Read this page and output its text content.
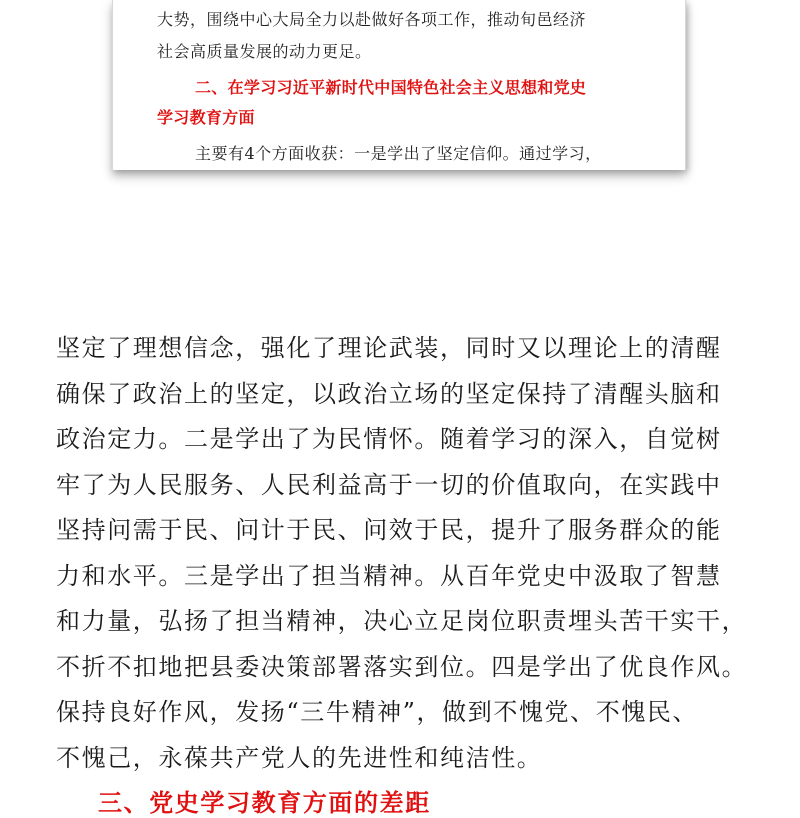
大势，围绕中心大局全力以赴做好各项工作，推动旬邑经济
社会高质量发展的动力更足。
二、在学习习近平新时代中国特色社会主义思想和党史
学习教育方面
主要有4个方面收获：一是学出了坚定信仰。通过学习，
坚定了理想信念，强化了理论武装，同时又以理论上的清醒
确保了政治上的坚定，以政治立场的坚定保持了清醒头脑和
政治定力。二是学出了为民情怀。随着学习的深入，自觉树
牢了为人民服务、人民利益高于一切的价值取向，在实践中
坚持问需于民、问计于民、问效于民，提升了服务群众的能
力和水平。三是学出了担当精神。从百年党史中汲取了智慧
和力量，弘扬了担当精神，决心立足岗位职责埋头苦干实干，
不折不扣地把县委决策部署落实到位。四是学出了优良作风。
保持良好作风，发扬“三牛精神”，做到不愧党、不愧民、
不愧己，永葆共产党人的先进性和纯洁性。
三、党史学习教育方面的差距
